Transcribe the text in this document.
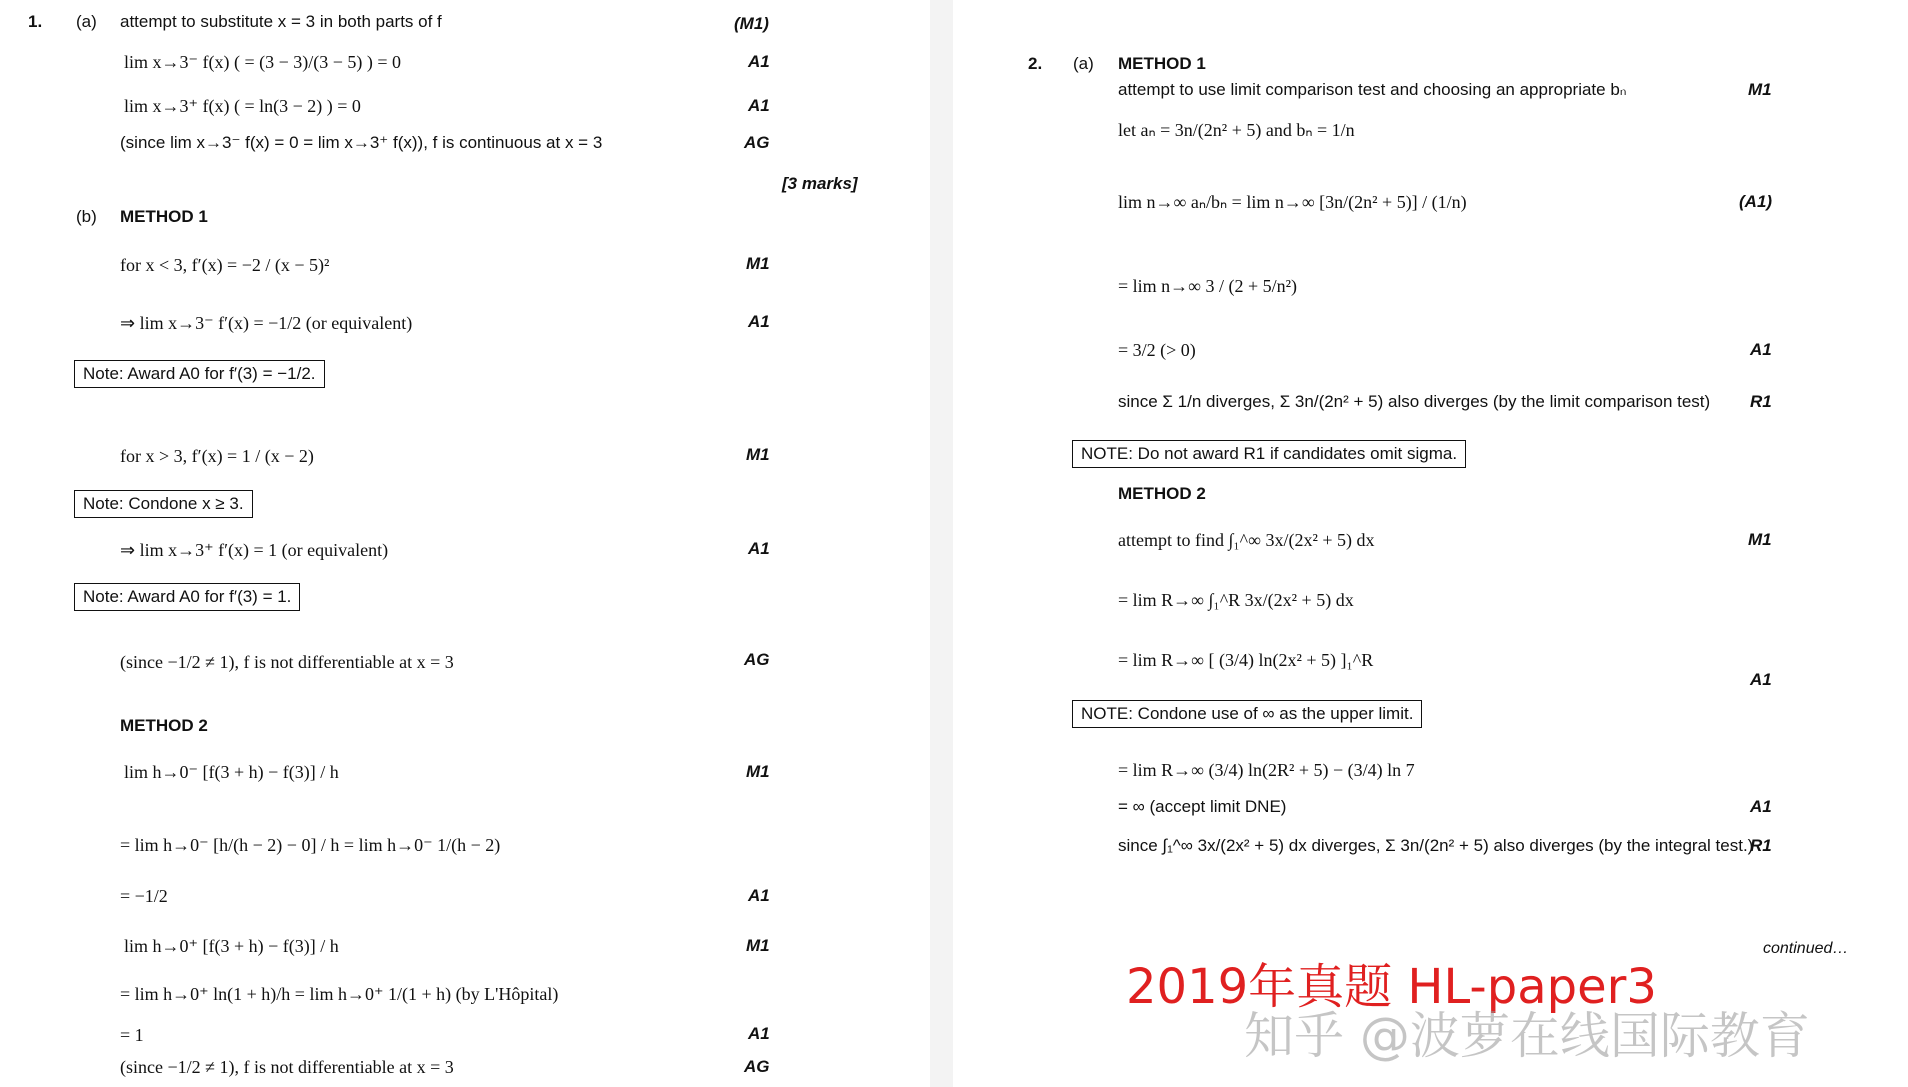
1. (a) attempt to substitute x = 3 in both parts of f
lim x→3⁻ f(x) ( = (3 − 3)/(3 − 5) ) = 0
lim x→3⁺ f(x) ( = ln(3 − 2) ) = 0
(since lim x→3⁻ f(x) = 0 = lim x→3⁺ f(x)), f is continuous at x = 3
[3 marks]
(b) METHOD 1
for x < 3, f′(x) = −2 / (x − 5)²
⇒ lim x→3⁻ f′(x) = −1/2 (or equivalent)
Note: Award A0 for f′(3) = −1/2.
for x > 3, f′(x) = 1 / (x − 2)
Note: Condone x ≥ 3.
⇒ lim x→3⁺ f′(x) = 1 (or equivalent)
Note: Award A0 for f′(3) = 1.
(since −1/2 ≠ 1), f is not differentiable at x = 3
METHOD 2
lim h→0⁻ [f(3 + h) − f(3)] / h
= lim h→0⁻ [h/(h − 2) − 0] / h = lim h→0⁻ 1/(h − 2)
= −1/2
lim h→0⁺ [f(3 + h) − f(3)] / h
= lim h→0⁺ ln(1 + h)/h = lim h→0⁺ 1/(1 + h) (by L'Hôpital)
= 1
(since −1/2 ≠ 1), f is not differentiable at x = 3
(M1)
A1
A1
AG
M1
A1
M1
A1
AG
M1
A1
M1
A1
AG
2. (a) METHOD 1
attempt to use limit comparison test and choosing an appropriate bₙ
let aₙ = 3n/(2n² + 5) and bₙ = 1/n
lim n→∞ aₙ/bₙ = lim n→∞ [3n/(2n² + 5)] / (1/n)
= lim n→∞ 3 / (2 + 5/n²)
= 3/2 (> 0)
since Σ 1/n diverges, Σ 3n/(2n² + 5) also diverges (by the limit comparison test)
NOTE: Do not award R1 if candidates omit sigma.
METHOD 2
attempt to find ∫₁^∞ 3x/(2x² + 5) dx
= lim R→∞ ∫₁^R 3x/(2x² + 5) dx
= lim R→∞ [ (3/4) ln(2x² + 5) ]₁^R
NOTE: Condone use of ∞ as the upper limit.
= lim R→∞ (3/4) ln(2R² + 5) − (3/4) ln 7
= ∞ (accept limit DNE)
since ∫₁^∞ 3x/(2x² + 5) dx diverges, Σ 3n/(2n² + 5) also diverges (by the integral test.)
M1
(A1)
A1
R1
M1
A1
A1
R1
continued…
2019年真题 HL-paper3
知乎 @波萝在线国际教育
